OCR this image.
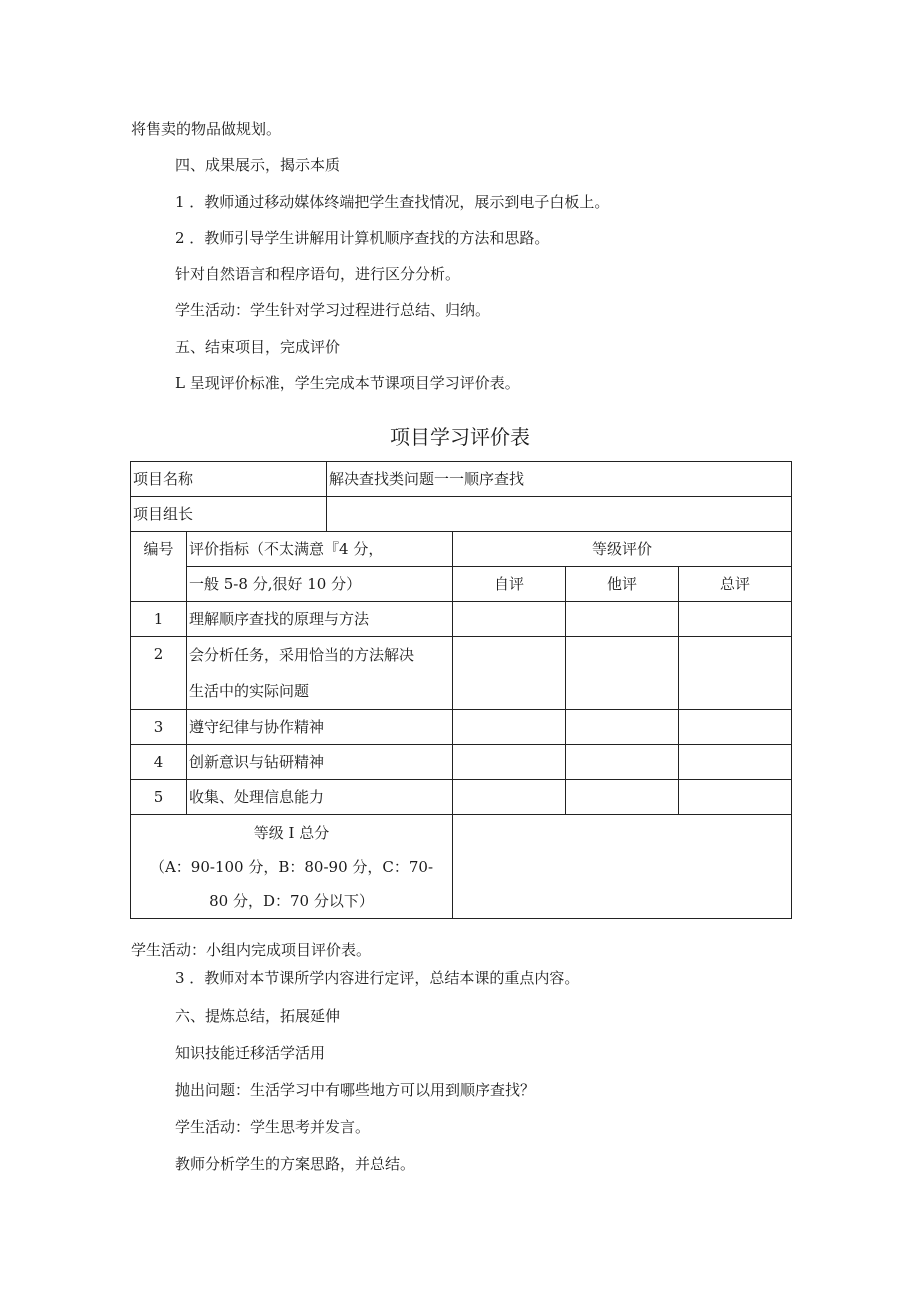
将售卖的物品做规划。
四、成果展示，揭示本质
1 ．教师通过移动媒体终端把学生查找情况，展示到电子白板上。
2 ．教师引导学生讲解用计算机顺序查找的方法和思路。
针对自然语言和程序语句，进行区分分析。
学生活动：学生针对学习过程进行总结、归纳。
五、结束项目，完成评价
L 呈现评价标准，学生完成本节课项目学习评价表。
项目学习评价表
项目名称		解决查找类问题一一顺序查找			
项目组长					
编号	评价指标（不太满意『4 分，		等级评价		
	一般 5-8 分,很好 10 分）		自评	他评	总评
1	理解顺序查找的原理与方法				
2	会分析任务，采用恰当的方法解决
生活中的实际问题				

3	遵守纪律与协作精神				
4	创新意识与钻研精神				
5	收集、处理信息能力				

等级 I 总分
（A：90-100 分，B：80-90 分，C：70-
80 分，D：70 分以下）					

学生活动：小组内完成项目评价表。
3 ．教师对本节课所学内容进行定评，总结本课的重点内容。
六、提炼总结，拓展延伸
知识技能迁移活学活用
抛出问题：生活学习中有哪些地方可以用到顺序查找？
学生活动：学生思考并发言。
教师分析学生的方案思路，并总结。
